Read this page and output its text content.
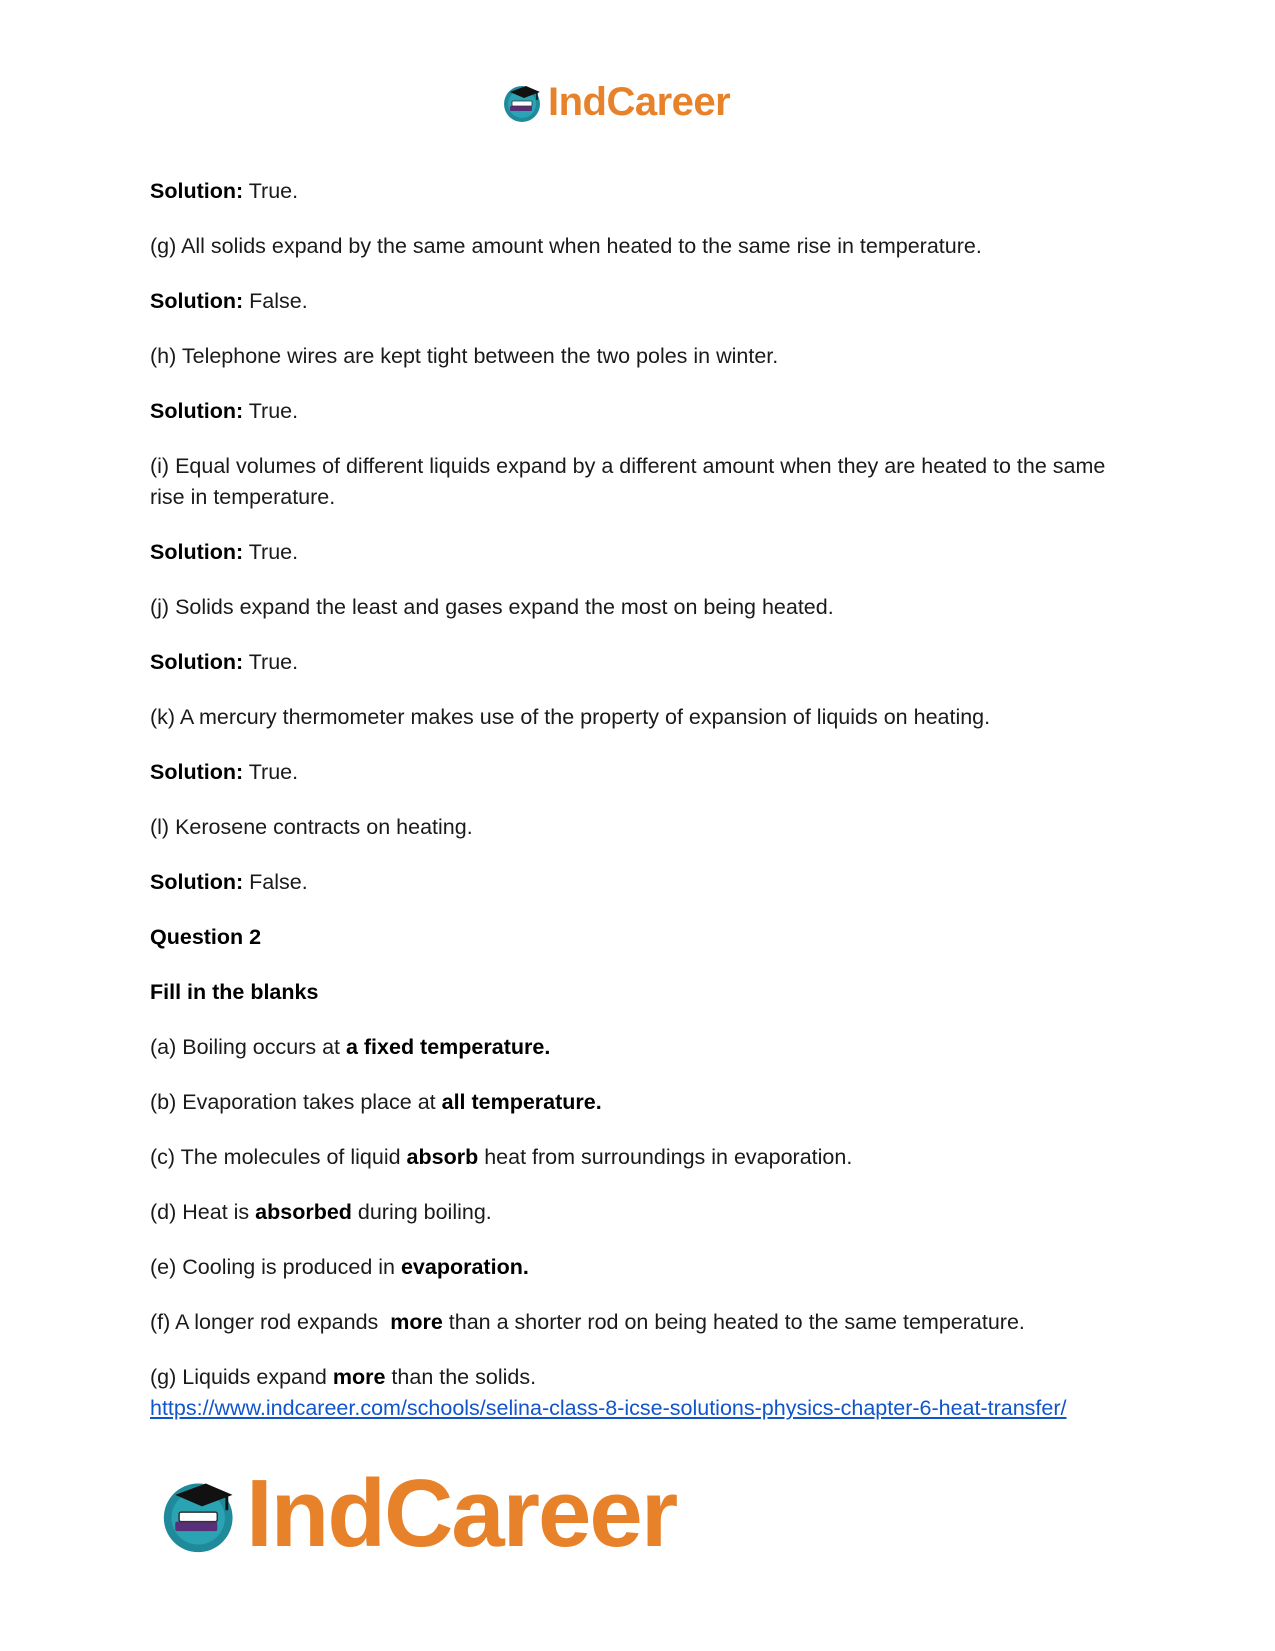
IndCareer

Solution: True.

(g) All solids expand by the same amount when heated to the same rise in temperature.

Solution: False.

(h) Telephone wires are kept tight between the two poles in winter.

Solution: True.

(i) Equal volumes of different liquids expand by a different amount when they are heated to the same rise in temperature.

Solution: True.

(j) Solids expand the least and gases expand the most on being heated.

Solution: True.

(k) A mercury thermometer makes use of the property of expansion of liquids on heating.

Solution: True.

(l) Kerosene contracts on heating.

Solution: False.

Question 2

Fill in the blanks

(a) Boiling occurs at a fixed temperature.

(b) Evaporation takes place at all temperature.

(c) The molecules of liquid absorb heat from surroundings in evaporation.

(d) Heat is absorbed during boiling.

(e) Cooling is produced in evaporation.

(f) A longer rod expands  more than a shorter rod on being heated to the same temperature.

(g) Liquids expand more than the solids.

https://www.indcareer.com/schools/selina-class-8-icse-solutions-physics-chapter-6-heat-transfer/

IndCareer
